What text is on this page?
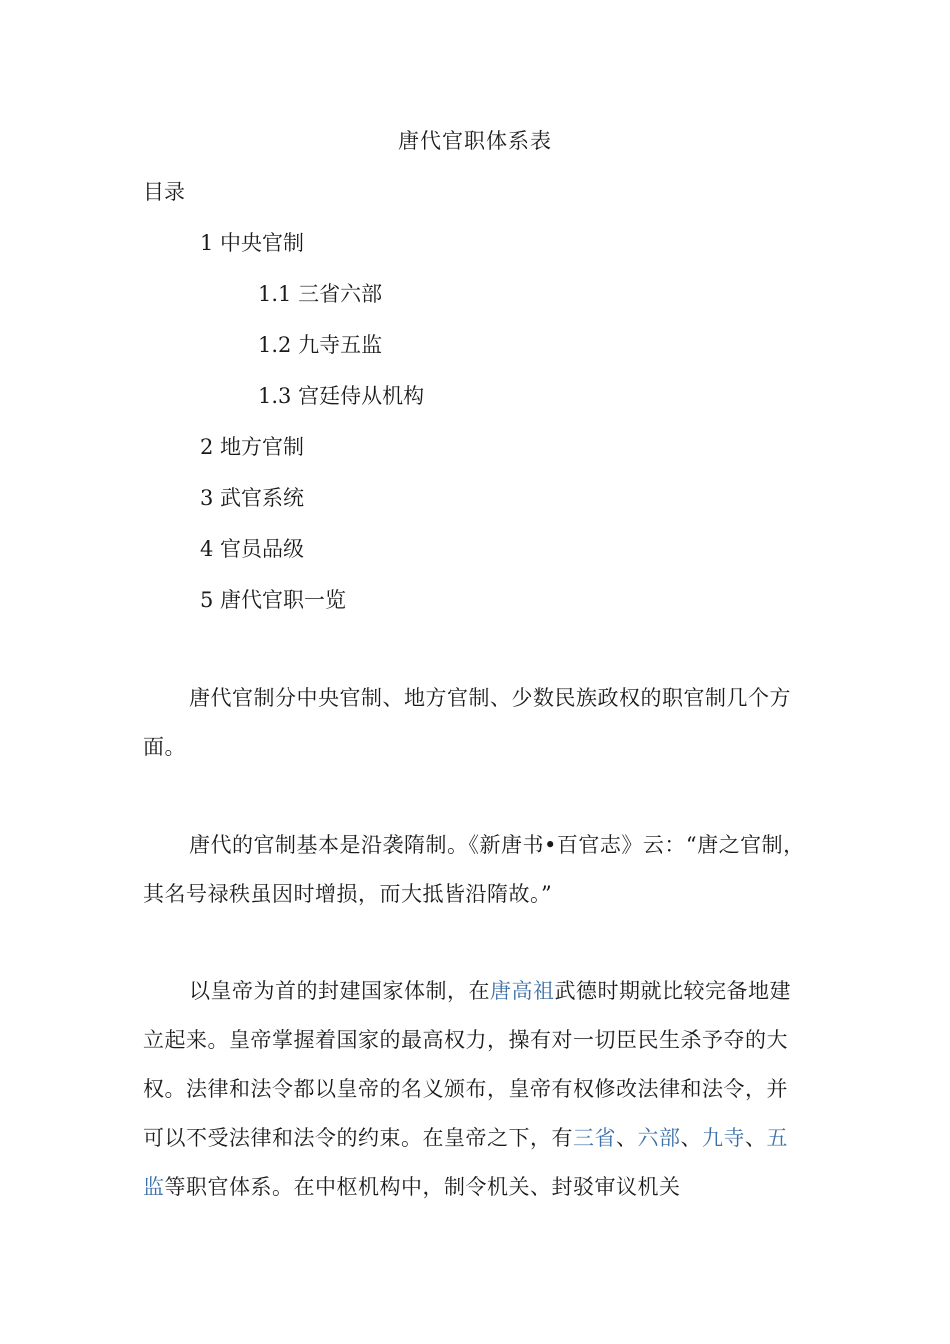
唐代官职体系表
目录
1 中央官制
1.1 三省六部
1.2 九寺五监
1.3 宫廷侍从机构
2 地方官制
3 武官系统
4 官员品级
5 唐代官职一览
唐代官制分中央官制、地方官制、少数民族政权的职官制几个方面。
唐代的官制基本是沿袭隋制。《新唐书•百官志》云：“唐之官制，其名号禄秩虽因时增损，而大抵皆沿隋故。”
以皇帝为首的封建国家体制，在唐高祖武德时期就比较完备地建立起来。皇帝掌握着国家的最高权力，操有对一切臣民生杀予夺的大权。法律和法令都以皇帝的名义颁布，皇帝有权修改法律和法令，并可以不受法律和法令的约束。在皇帝之下，有三省、六部、九寺、五监等职官体系。在中枢机构中，制令机关、封驳审议机关
